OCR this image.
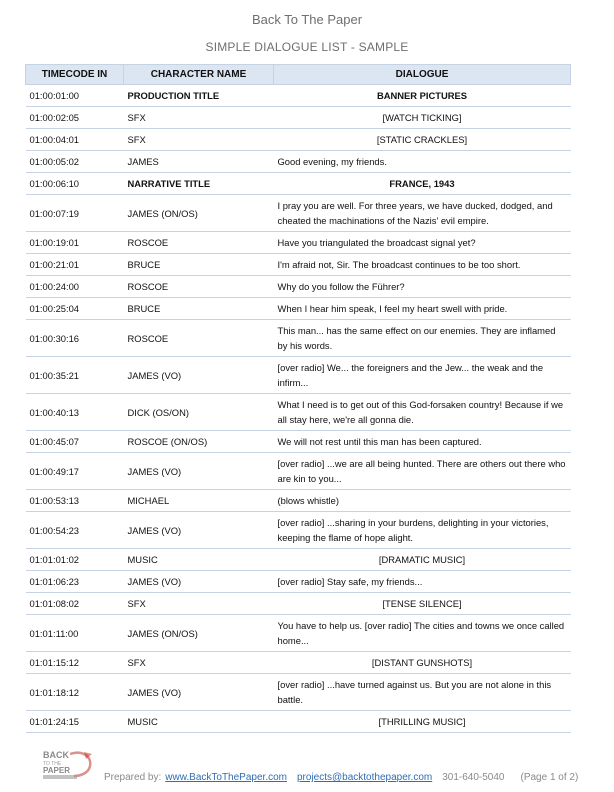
Back To The Paper
SIMPLE DIALOGUE LIST - SAMPLE
TIMECODE IN	CHARACTER NAME	DIALOGUE
01:00:01:00	PRODUCTION TITLE	BANNER PICTURES
01:00:02:05	SFX	[WATCH TICKING]
01:00:04:01	SFX	[STATIC CRACKLES]
01:00:05:02	JAMES	Good evening, my friends.
01:00:06:10	NARRATIVE TITLE	FRANCE, 1943
01:00:07:19	JAMES (ON/OS)	I pray you are well. For three years, we have ducked, dodged, and cheated the machinations of the Nazis' evil empire.
01:00:19:01	ROSCOE	Have you triangulated the broadcast signal yet?
01:00:21:01	BRUCE	I'm afraid not, Sir. The broadcast continues to be too short.
01:00:24:00	ROSCOE	Why do you follow the Führer?
01:00:25:04	BRUCE	When I hear him speak, I feel my heart swell with pride.
01:00:30:16	ROSCOE	This man... has the same effect on our enemies. They are inflamed by his words.
01:00:35:21	JAMES (VO)	[over radio] We... the foreigners and the Jew... the weak and the infirm...
01:00:40:13	DICK (OS/ON)	What I need is to get out of this God-forsaken country! Because if we all stay here, we're all gonna die.
01:00:45:07	ROSCOE (ON/OS)	We will not rest until this man has been captured.
01:00:49:17	JAMES (VO)	[over radio] ...we are all being hunted. There are others out there who are kin to you...
01:00:53:13	MICHAEL	(blows whistle)
01:00:54:23	JAMES (VO)	[over radio] ...sharing in your burdens, delighting in your victories, keeping the flame of hope alight.
01:01:01:02	MUSIC	[DRAMATIC MUSIC]
01:01:06:23	JAMES (VO)	[over radio] Stay safe, my friends...
01:01:08:02	SFX	[TENSE SILENCE]
01:01:11:00	JAMES (ON/OS)	You have to help us. [over radio] The cities and towns we once called home...
01:01:15:12	SFX	[DISTANT GUNSHOTS]
01:01:18:12	JAMES (VO)	[over radio] ...have turned against us. But you are not alone in this battle.
01:01:24:15	MUSIC	[THRILLING MUSIC]
BACK
TO THE
PAPER
Prepared by: www.BackToThePaper.com projects@backtothepaper.com 301-640-5040 (Page 1 of 2)
